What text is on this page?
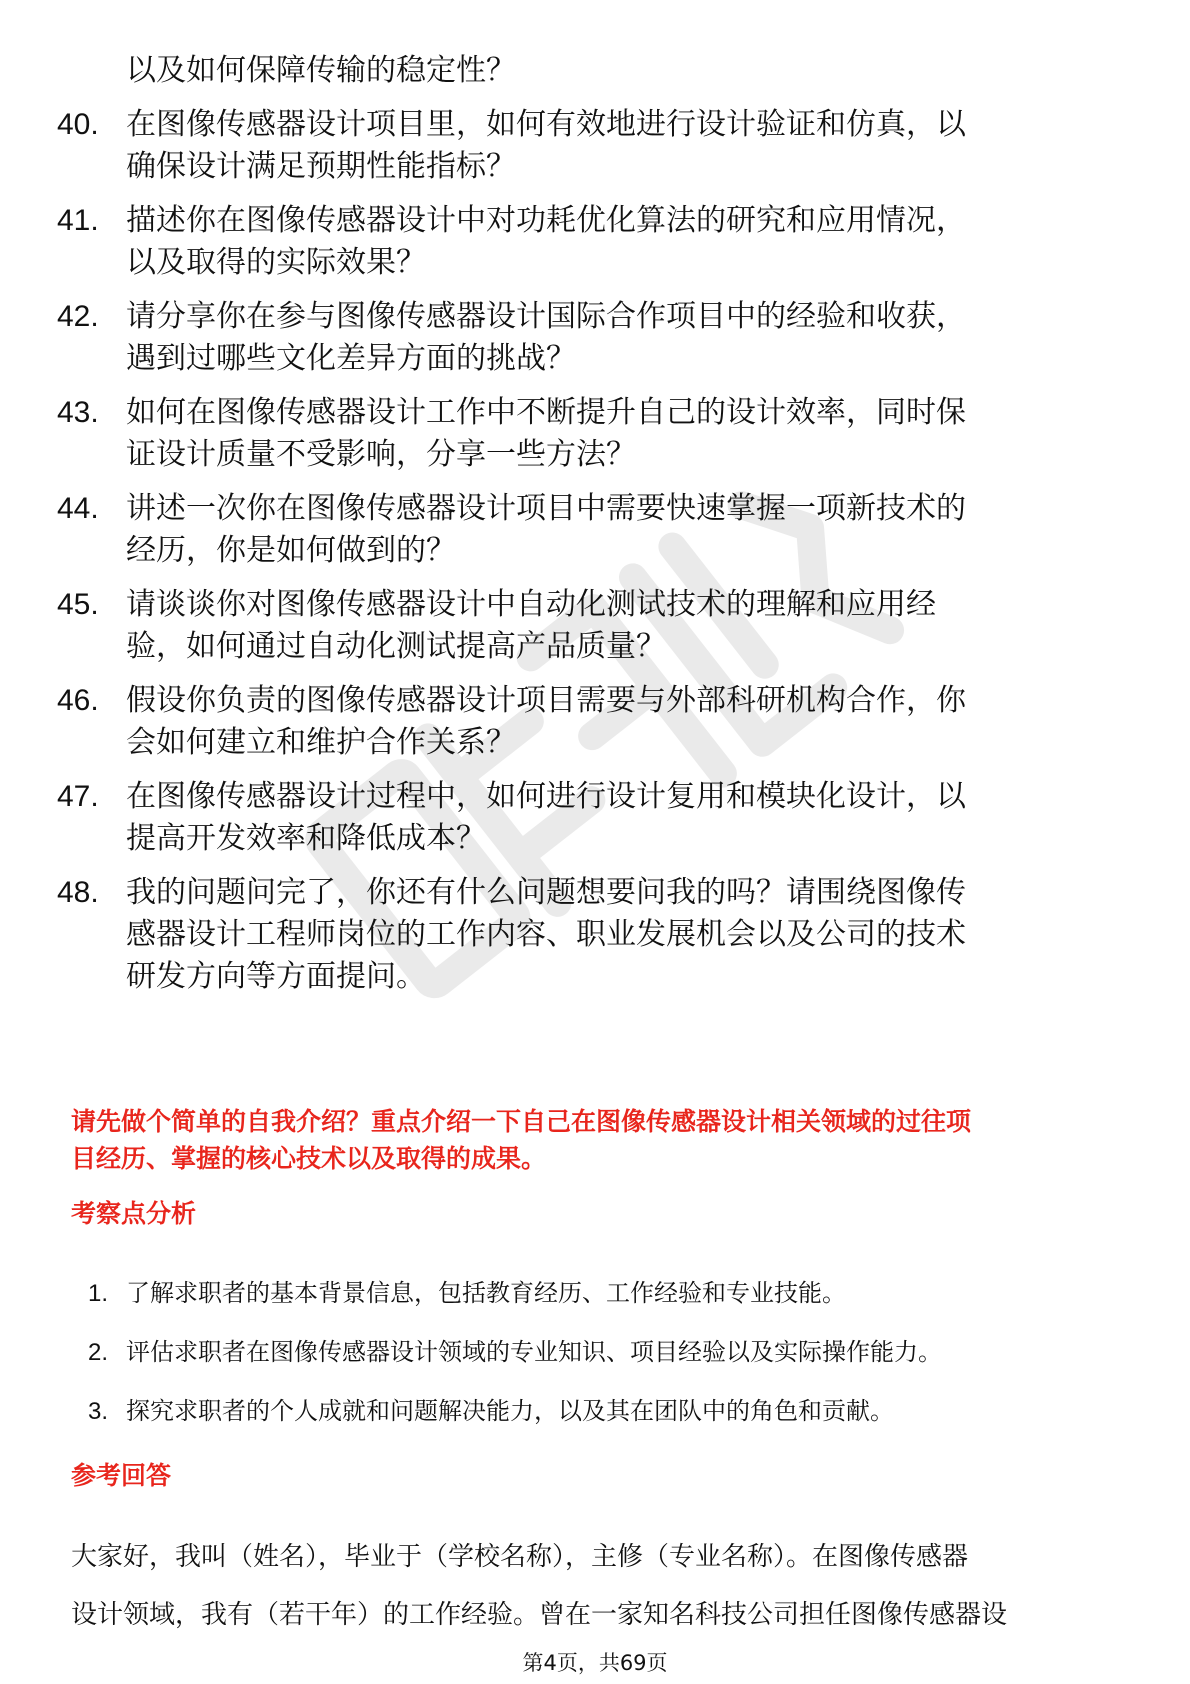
以及如何保障传输的稳定性？
40. 在图像传感器设计项目里，如何有效地进行设计验证和仿真，以
确保设计满足预期性能指标？
41. 描述你在图像传感器设计中对功耗优化算法的研究和应用情况，
以及取得的实际效果？
42. 请分享你在参与图像传感器设计国际合作项目中的经验和收获，
遇到过哪些文化差异方面的挑战？
43. 如何在图像传感器设计工作中不断提升自己的设计效率，同时保
证设计质量不受影响，分享一些方法？
44. 讲述一次你在图像传感器设计项目中需要快速掌握一项新技术的
经历，你是如何做到的？
45. 请谈谈你对图像传感器设计中自动化测试技术的理解和应用经
验，如何通过自动化测试提高产品质量？
46. 假设你负责的图像传感器设计项目需要与外部科研机构合作，你
会如何建立和维护合作关系？
47. 在图像传感器设计过程中，如何进行设计复用和模块化设计，以
提高开发效率和降低成本？
48. 我的问题问完了，你还有什么问题想要问我的吗？请围绕图像传
感器设计工程师岗位的工作内容、职业发展机会以及公司的技术
研发方向等方面提问。
请先做个简单的自我介绍？重点介绍一下自己在图像传感器设计相关领域的过往项
目经历、掌握的核心技术以及取得的成果。
考察点分析
1. 了解求职者的基本背景信息，包括教育经历、工作经验和专业技能。
2. 评估求职者在图像传感器设计领域的专业知识、项目经验以及实际操作能力。
3. 探究求职者的个人成就和问题解决能力，以及其在团队中的角色和贡献。
参考回答
大家好，我叫（姓名），毕业于（学校名称），主修（专业名称）。在图像传感器
设计领域，我有（若干年）的工作经验。曾在一家知名科技公司担任图像传感器设
第4页，共69页
